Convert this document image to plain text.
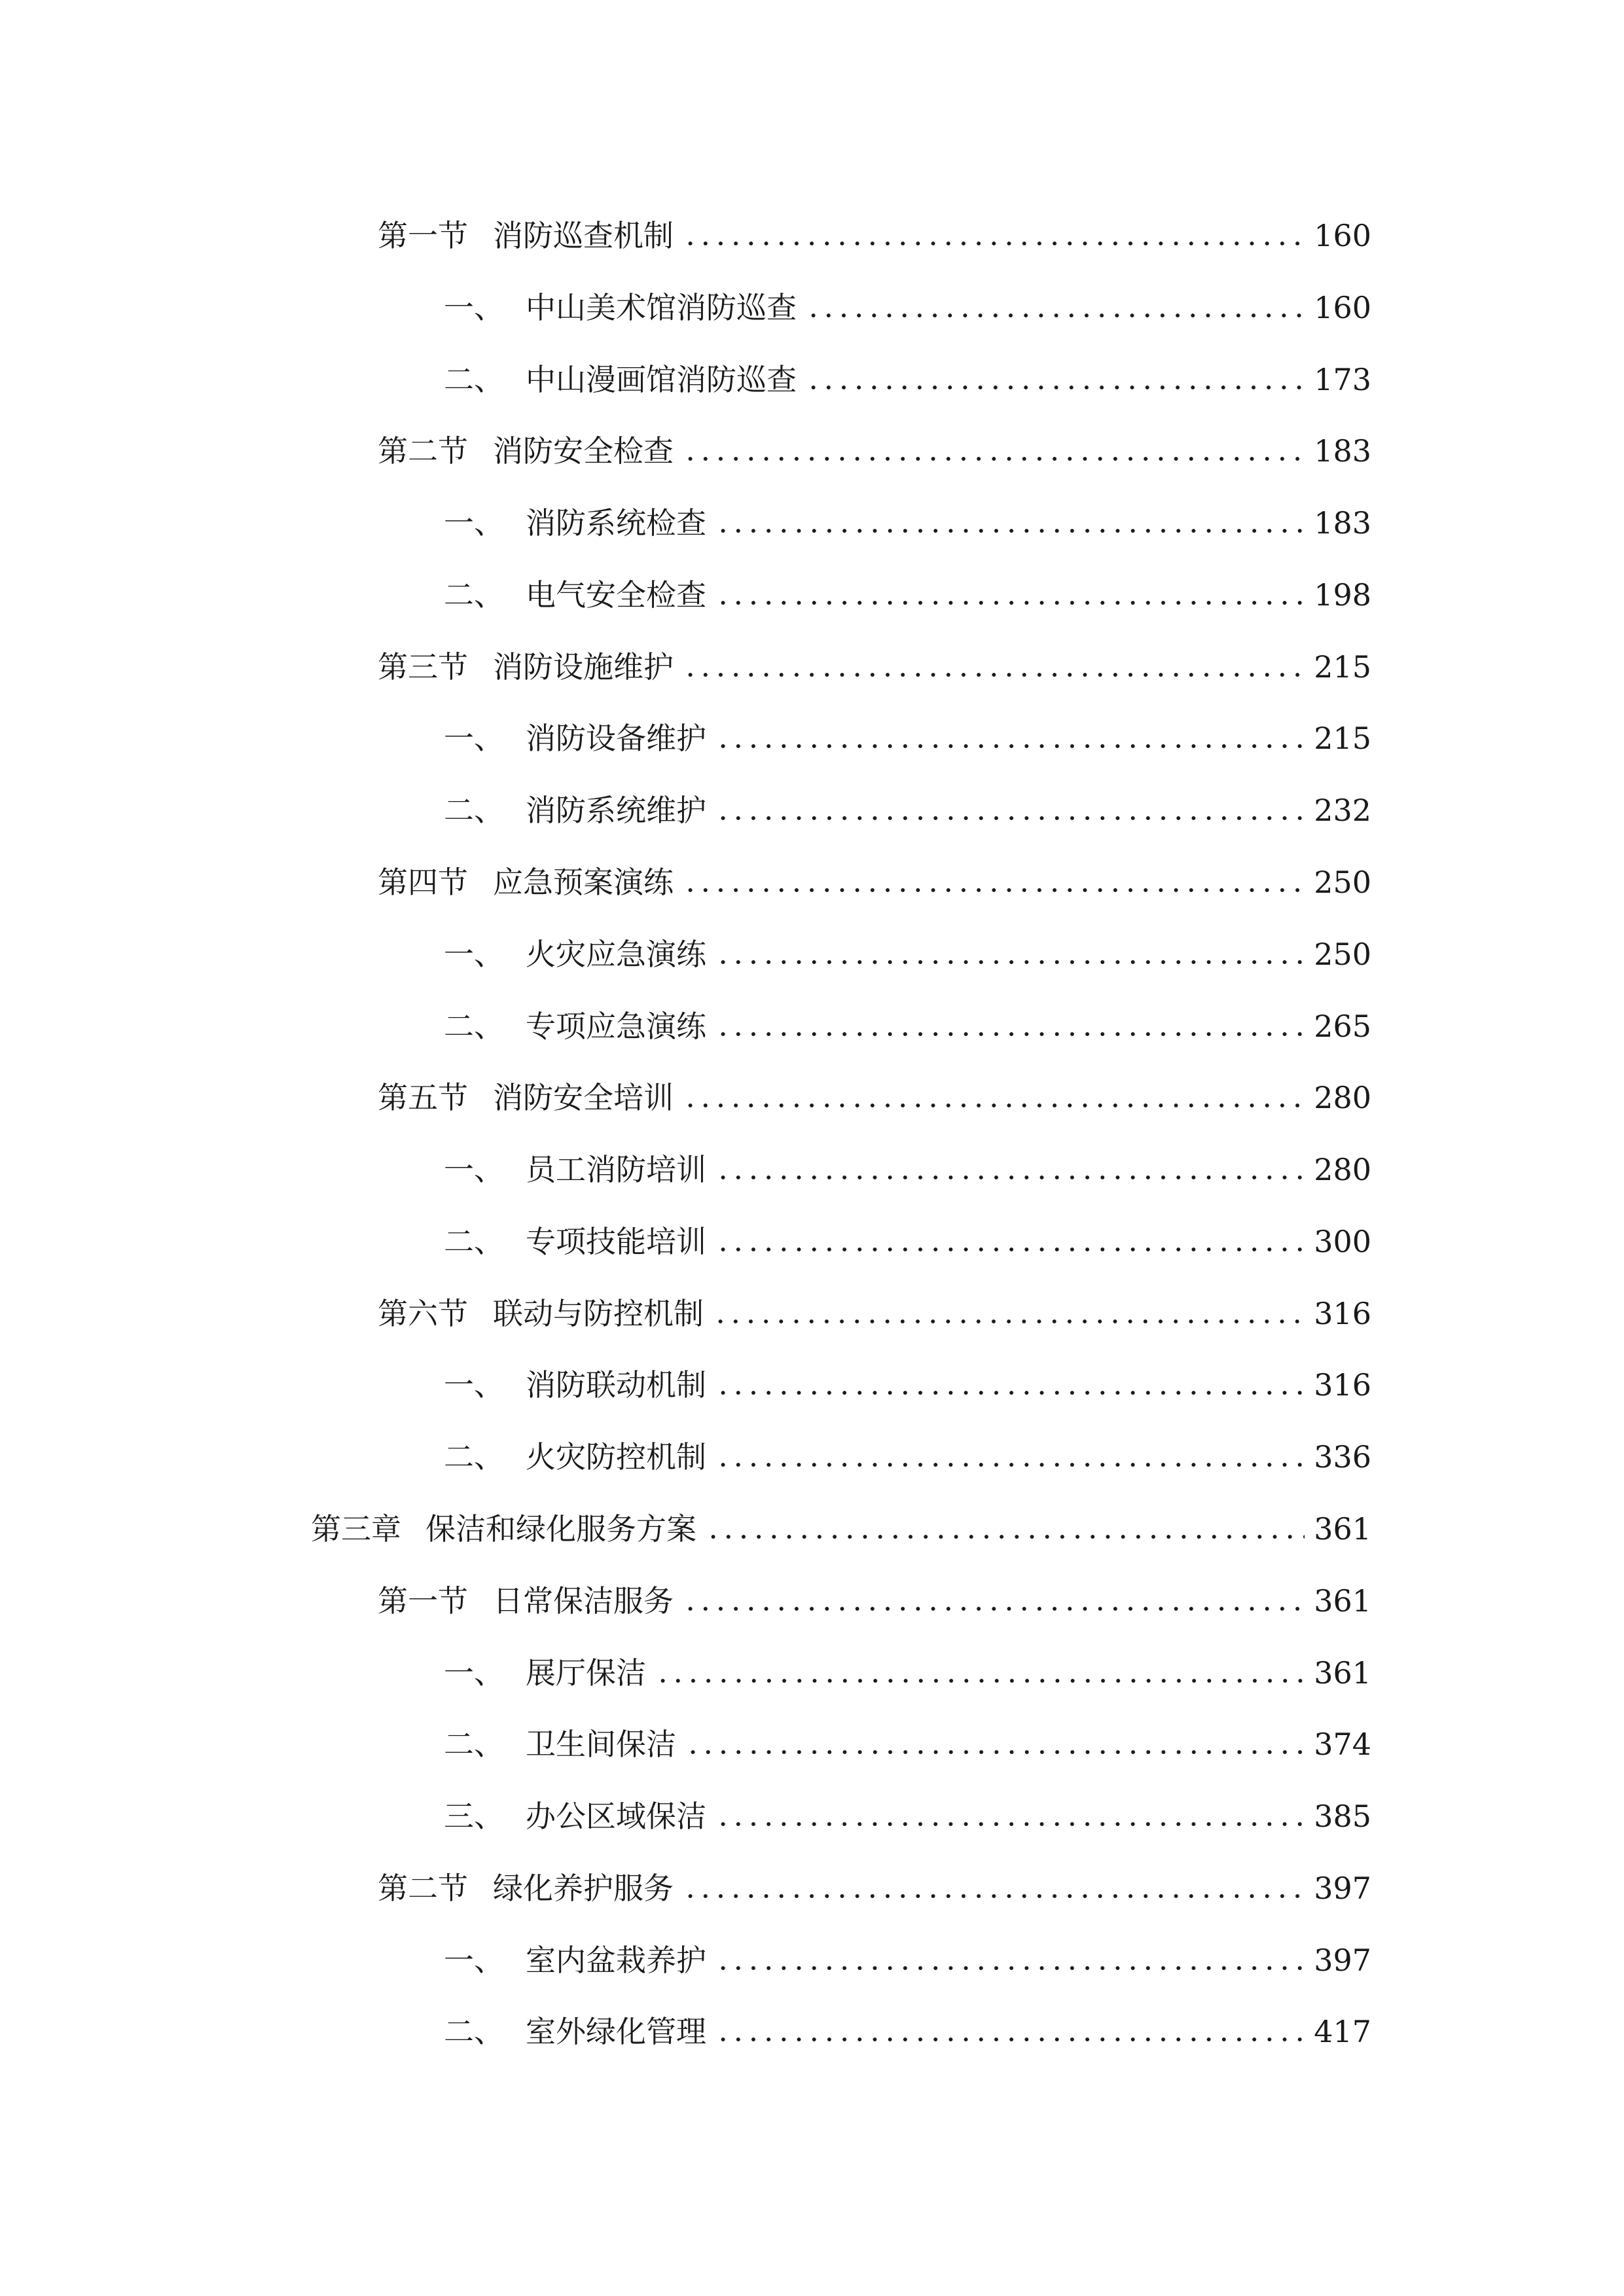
第一节 消防巡查机制	160
一、 中山美术馆消防巡查	160
二、 中山漫画馆消防巡查	173
第二节 消防安全检查	183
一、 消防系统检查	183
二、 电气安全检查	198
第三节 消防设施维护	215
一、 消防设备维护	215
二、 消防系统维护	232
第四节 应急预案演练	250
一、 火灾应急演练	250
二、 专项应急演练	265
第五节 消防安全培训	280
一、 员工消防培训	280
二、 专项技能培训	300
第六节 联动与防控机制	316
一、 消防联动机制	316
二、 火灾防控机制	336
第三章 保洁和绿化服务方案	361
第一节 日常保洁服务	361
一、 展厅保洁	361
二、 卫生间保洁	374
三、 办公区域保洁	385
第二节 绿化养护服务	397
一、 室内盆栽养护	397
二、 室外绿化管理	417
